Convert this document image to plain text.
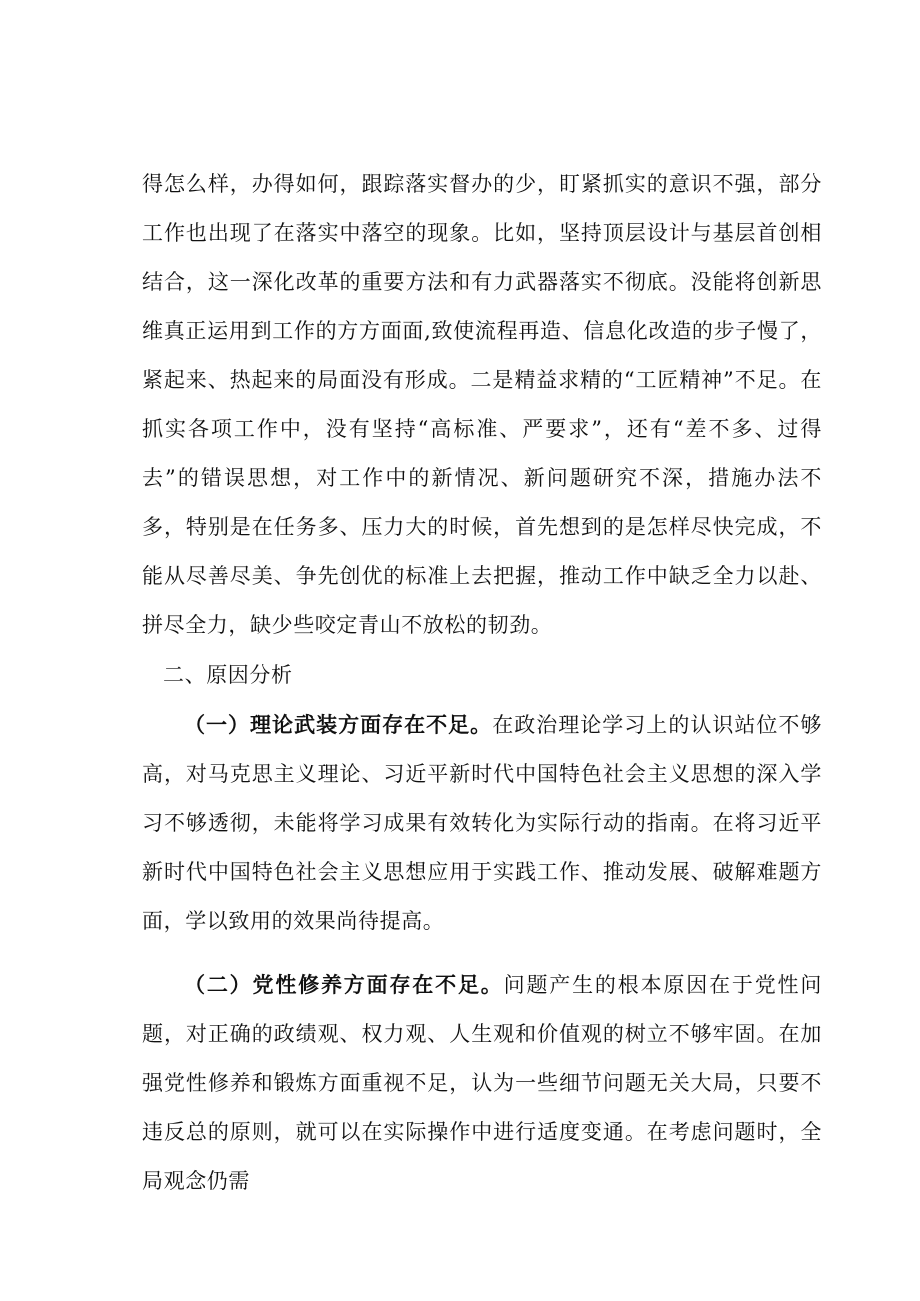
得怎么样，办得如何，跟踪落实督办的少，盯紧抓实的意识不强，部分工作也出现了在落实中落空的现象。比如，坚持顶层设计与基层首创相结合，这一深化改革的重要方法和有力武器落实不彻底。没能将创新思维真正运用到工作的方方面面,致使流程再造、信息化改造的步子慢了，紧起来、热起来的局面没有形成。二是精益求精的“工匠精神”不足。在抓实各项工作中，没有坚持“高标准、严要求”，还有“差不多、过得去”的错误思想，对工作中的新情况、新问题研究不深，措施办法不多，特别是在任务多、压力大的时候，首先想到的是怎样尽快完成，不能从尽善尽美、争先创优的标准上去把握，推动工作中缺乏全力以赴、拼尽全力，缺少些咬定青山不放松的韧劲。

二、原因分析

（一）理论武装方面存在不足。在政治理论学习上的认识站位不够高，对马克思主义理论、习近平新时代中国特色社会主义思想的深入学习不够透彻，未能将学习成果有效转化为实际行动的指南。在将习近平新时代中国特色社会主义思想应用于实践工作、推动发展、破解难题方面，学以致用的效果尚待提高。

（二）党性修养方面存在不足。问题产生的根本原因在于党性问题，对正确的政绩观、权力观、人生观和价值观的树立不够牢固。在加强党性修养和锻炼方面重视不足，认为一些细节问题无关大局，只要不违反总的原则，就可以在实际操作中进行适度变通。在考虑问题时，全局观念仍需
